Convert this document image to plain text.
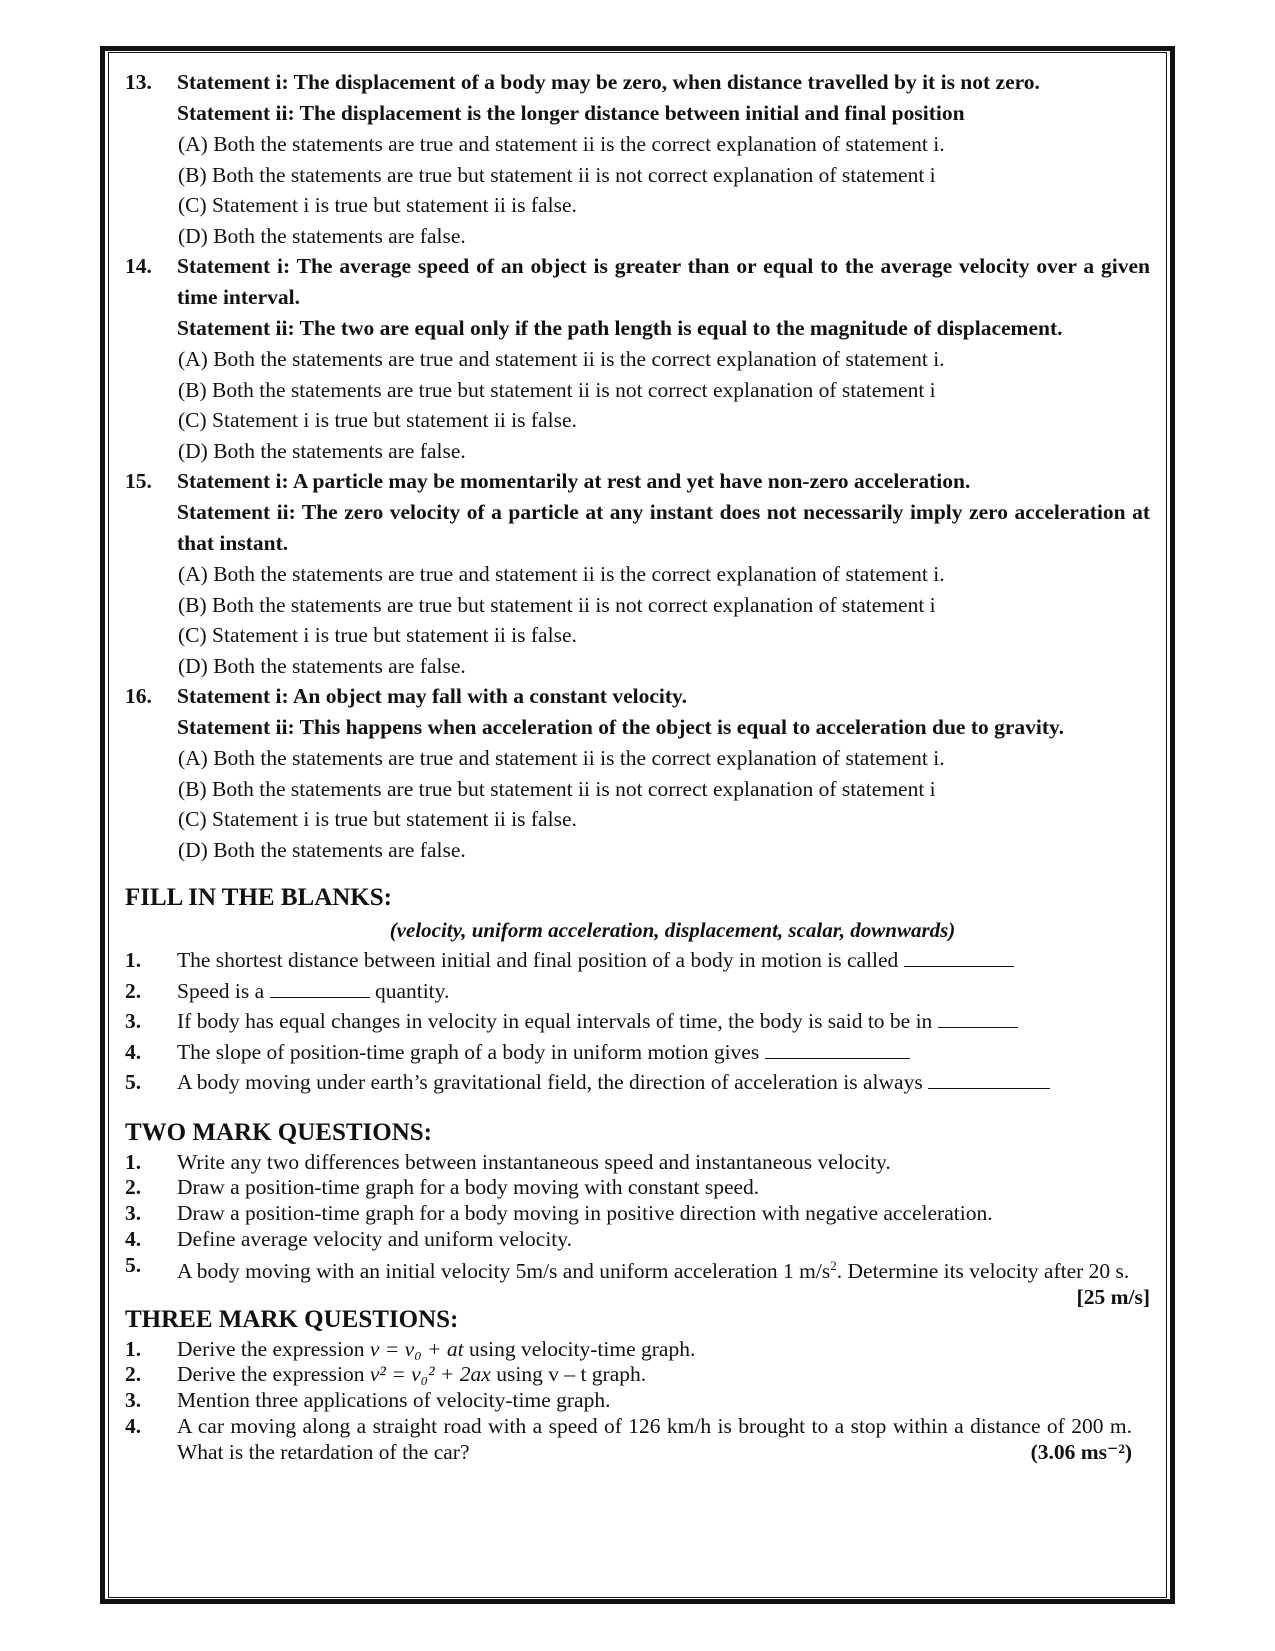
13. Statement i: The displacement of a body may be zero, when distance travelled by it is not zero.
Statement ii: The displacement is the longer distance between initial and final position
(A) Both the statements are true and statement ii is the correct explanation of statement i.
(B) Both the statements are true but statement ii is not correct explanation of statement i
(C) Statement i is true but statement ii is false.
(D) Both the statements are false.
14. Statement i: The average speed of an object is greater than or equal to the average velocity over a given time interval.
Statement ii: The two are equal only if the path length is equal to the magnitude of displacement.
(A) Both the statements are true and statement ii is the correct explanation of statement i.
(B) Both the statements are true but statement ii is not correct explanation of statement i
(C) Statement i is true but statement ii is false.
(D) Both the statements are false.
15. Statement i: A particle may be momentarily at rest and yet have non-zero acceleration.
Statement ii: The zero velocity of a particle at any instant does not necessarily imply zero acceleration at that instant.
(A) Both the statements are true and statement ii is the correct explanation of statement i.
(B) Both the statements are true but statement ii is not correct explanation of statement i
(C) Statement i is true but statement ii is false.
(D) Both the statements are false.
16. Statement i: An object may fall with a constant velocity.
Statement ii: This happens when acceleration of the object is equal to acceleration due to gravity.
(A) Both the statements are true and statement ii is the correct explanation of statement i.
(B) Both the statements are true but statement ii is not correct explanation of statement i
(C) Statement i is true but statement ii is false.
(D) Both the statements are false.
FILL IN THE BLANKS:
(velocity, uniform acceleration, displacement, scalar, downwards)
1. The shortest distance between initial and final position of a body in motion is called
2. Speed is a	quantity.
3. If body has equal changes in velocity in equal intervals of time, the body is said to be in
4. The slope of position-time graph of a body in uniform motion gives
5. A body moving under earth’s gravitational field, the direction of acceleration is always
TWO MARK QUESTIONS:
1. Write any two differences between instantaneous speed and instantaneous velocity.
2. Draw a position-time graph for a body moving with constant speed.
3. Draw a position-time graph for a body moving in positive direction with negative acceleration.
4. Define average velocity and uniform velocity.
5. A body moving with an initial velocity 5m/s and uniform acceleration 1 $m/s^2$. Determine its velocity after 20 s.
[25 m/s]
THREE MARK QUESTIONS:
1. Derive the expression v = v₀ + at using velocity-time graph.
2. Derive the expression v² = v₀² + 2ax using v – t graph.
3. Mention three applications of velocity-time graph.
4. A car moving along a straight road with a speed of 126 km/h is brought to a stop within a distance of 200 m. What is the retardation of the car?	(3.06 ms⁻²)
